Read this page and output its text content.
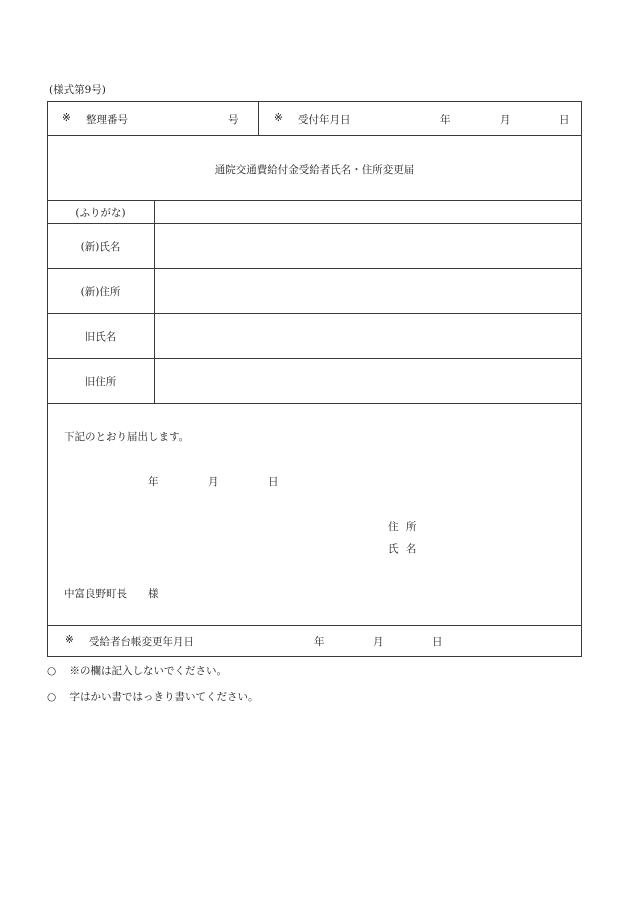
(様式第9号)
※ 整理番号	号	※ 受付年月日	年	月	日
通院交通費給付金受給者氏名・住所変更届
(ふりがな)
(新)氏名
(新)住所
旧氏名
旧住所
下記のとおり届出します。
年	月	日
住 所
氏 名
中富良野町長　　様
※ 受給者台帳変更年月日	年	月	日
○ ※の欄は記入しないでください。
○ 字はかい書ではっきり書いてください。
